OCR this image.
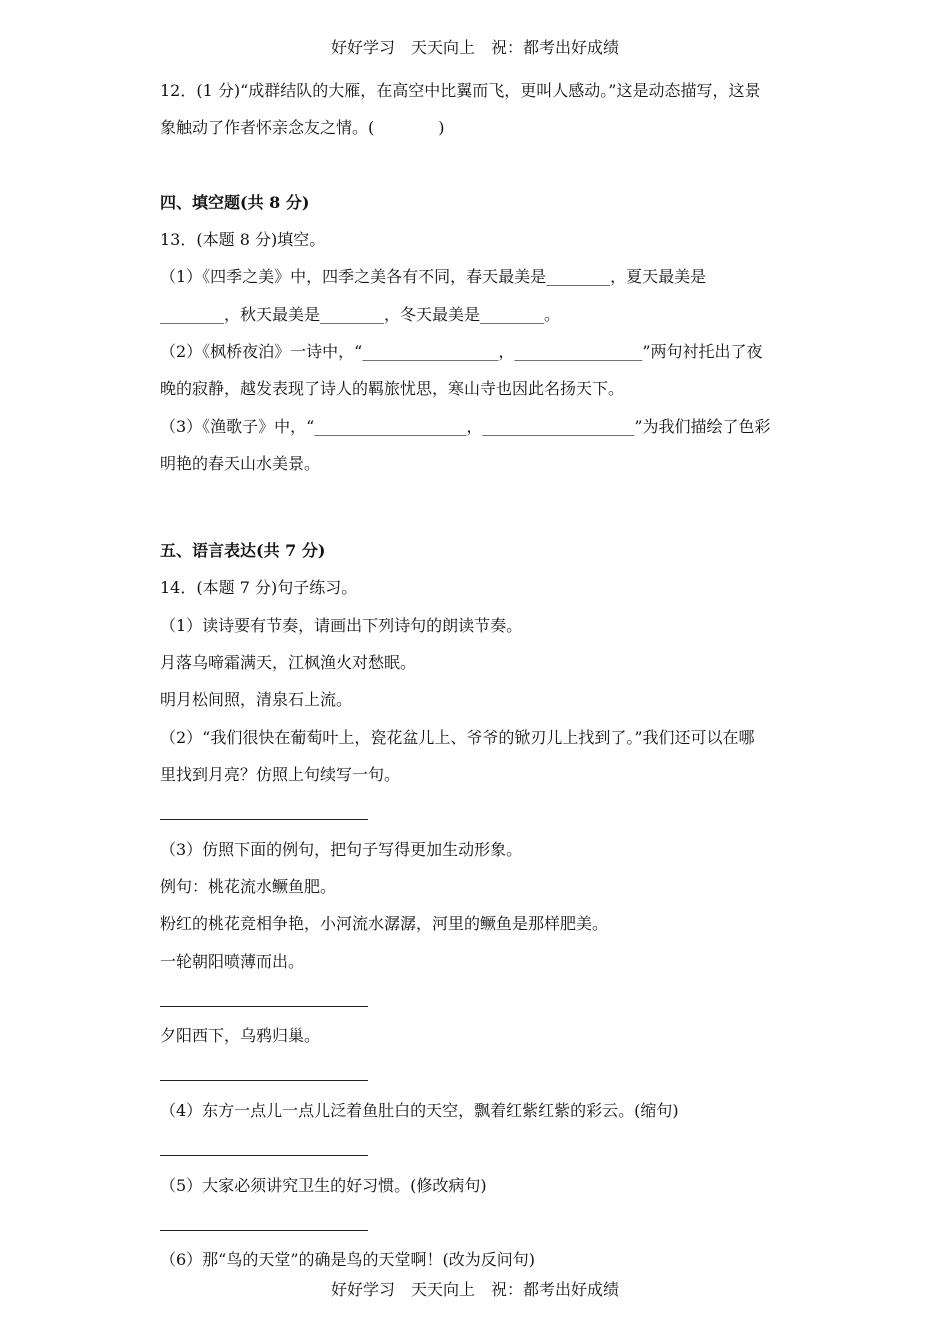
好好学习　天天向上　祝：都考出好成绩
12．(1 分)“成群结队的大雁，在高空中比翼而飞，更叫人感动。”这是动态描写，这景
象触动了作者怀亲念友之情。(　　　　)
四、填空题(共 8 分)
13．(本题 8 分)填空。
（1）《四季之美》中，四季之美各有不同，春天最美是________，夏天最美是
________，秋天最美是________，冬天最美是________。
（2）《枫桥夜泊》一诗中，“_________________，________________”两句衬托出了夜
晚的寂静，越发表现了诗人的羁旅忧思，寒山寺也因此名扬天下。
（3）《渔歌子》中，“___________________，___________________”为我们描绘了色彩
明艳的春天山水美景。
五、语言表达(共 7 分)
14．(本题 7 分)句子练习。
（1）读诗要有节奏，请画出下列诗句的朗读节奏。
月落乌啼霜满天，江枫渔火对愁眠。
明月松间照，清泉石上流。
（2）“我们很快在葡萄叶上，瓷花盆儿上、爷爷的锨刃儿上找到了。”我们还可以在哪
里找到月亮？仿照上句续写一句。
（3）仿照下面的例句，把句子写得更加生动形象。
例句：桃花流水鳜鱼肥。
粉红的桃花竞相争艳，小河流水潺潺，河里的鳜鱼是那样肥美。
一轮朝阳喷薄而出。
夕阳西下，乌鸦归巢。
（4）东方一点儿一点儿泛着鱼肚白的天空，飘着红紫红紫的彩云。(缩句)
（5）大家必须讲究卫生的好习惯。(修改病句)
（6）那“鸟的天堂”的确是鸟的天堂啊！(改为反问句)
好好学习　天天向上　祝：都考出好成绩
